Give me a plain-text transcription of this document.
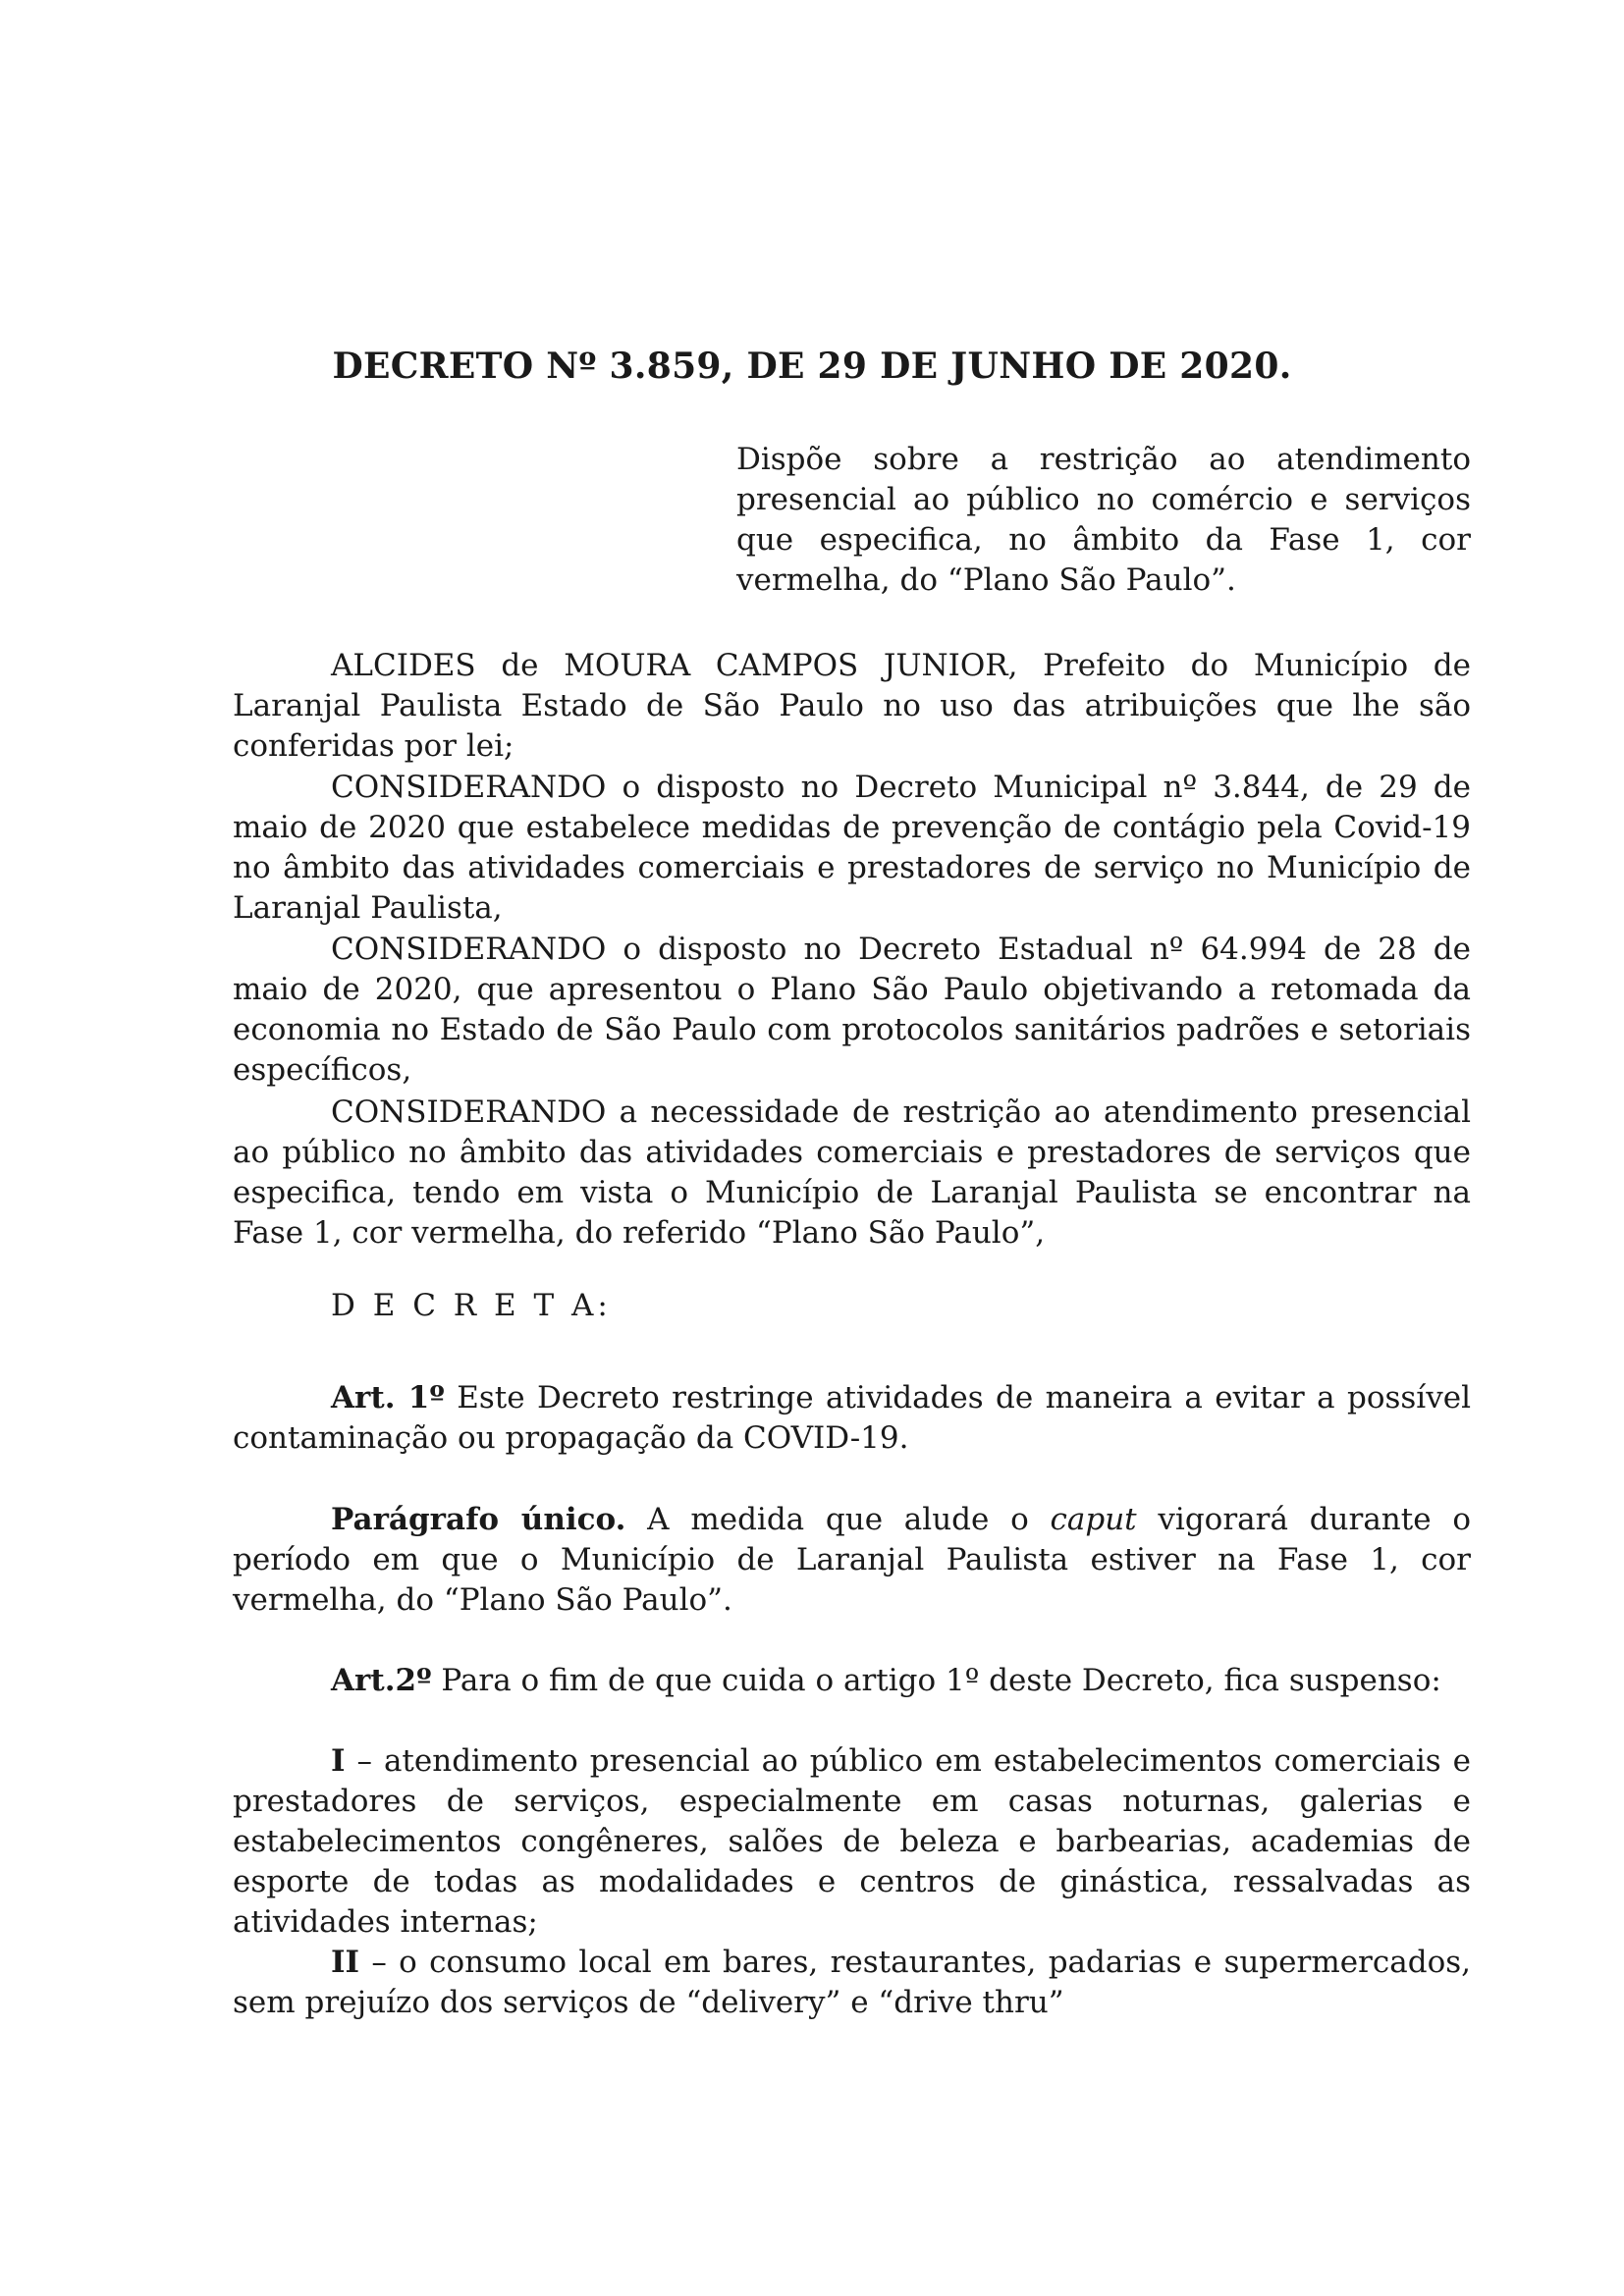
DECRETO Nº 3.859, DE 29 DE JUNHO DE 2020.

Dispõe sobre a restrição ao atendimento presencial ao público no comércio e serviços que especifica, no âmbito da Fase 1, cor vermelha, do “Plano São Paulo”.

ALCIDES de MOURA CAMPOS JUNIOR, Prefeito do Município de Laranjal Paulista Estado de São Paulo no uso das atribuições que lhe são conferidas por lei;

CONSIDERANDO o disposto no Decreto Municipal nº 3.844, de 29 de maio de 2020 que estabelece medidas de prevenção de contágio pela Covid-19 no âmbito das atividades comerciais e prestadores de serviço no Município de Laranjal Paulista,

CONSIDERANDO o disposto no Decreto Estadual nº 64.994 de 28 de maio de 2020, que apresentou o Plano São Paulo objetivando a retomada da economia no Estado de São Paulo com protocolos sanitários padrões e setoriais específicos,

CONSIDERANDO a necessidade de restrição ao atendimento presencial ao público no âmbito das atividades comerciais e prestadores de serviços que especifica, tendo em vista o Município de Laranjal Paulista se encontrar na Fase 1, cor vermelha, do referido “Plano São Paulo”,

D E C R E T A:

Art. 1º Este Decreto restringe atividades de maneira a evitar a possível contaminação ou propagação da COVID-19.

Parágrafo único. A medida que alude o caput vigorará durante o período em que o Município de Laranjal Paulista estiver na Fase 1, cor vermelha, do “Plano São Paulo”.

Art.2º Para o fim de que cuida o artigo 1º deste Decreto, fica suspenso:

I – atendimento presencial ao público em estabelecimentos comerciais e prestadores de serviços, especialmente em casas noturnas, galerias e estabelecimentos congêneres, salões de beleza e barbearias, academias de esporte de todas as modalidades e centros de ginástica, ressalvadas as atividades internas;

II – o consumo local em bares, restaurantes, padarias e supermercados, sem prejuízo dos serviços de “delivery” e “drive thru”
